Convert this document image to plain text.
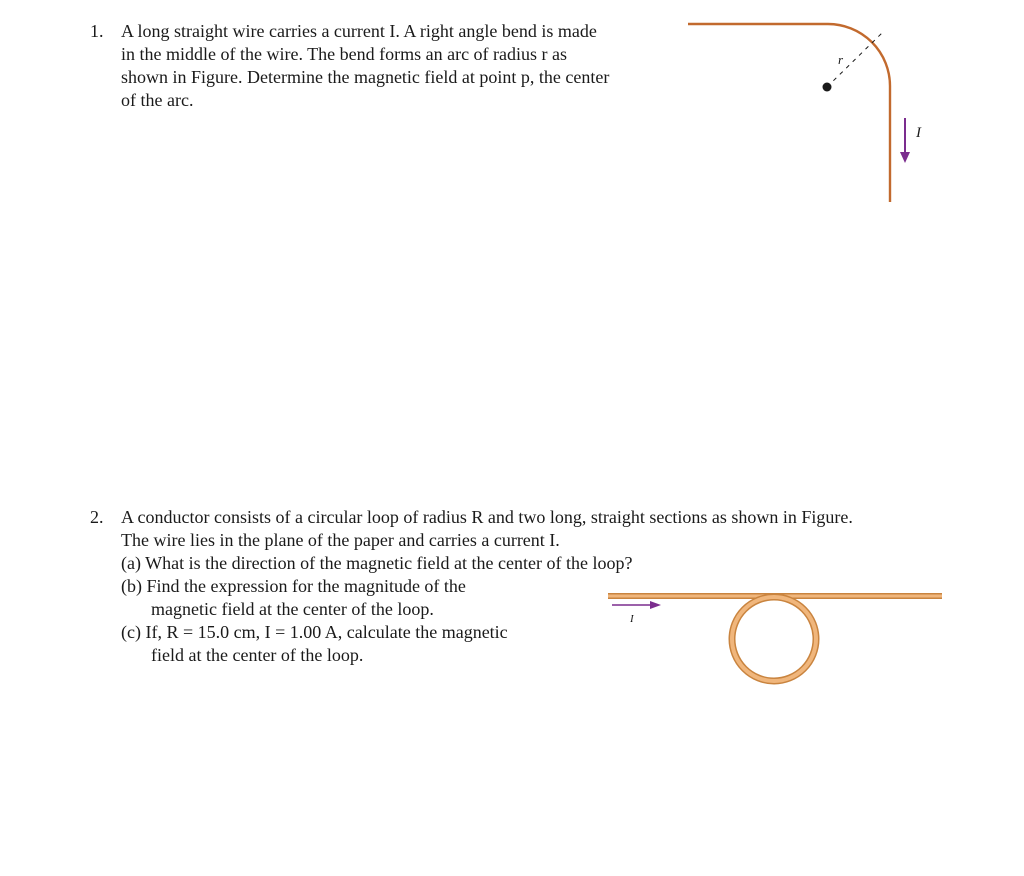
1. A long straight wire carries a current I. A right angle bend is made
in the middle of the wire. The bend forms an arc of radius r as
shown in Figure. Determine the magnetic field at point p, the center
of the arc.
r
I
2. A conductor consists of a circular loop of radius R and two long, straight sections as shown in Figure.
The wire lies in the plane of the paper and carries a current I.
(a) What is the direction of the magnetic field at the center of the loop?
(b) Find the expression for the magnitude of the
magnetic field at the center of the loop.
(c) If, R = 15.0 cm, I = 1.00 A, calculate the magnetic
field at the center of the loop.
I
